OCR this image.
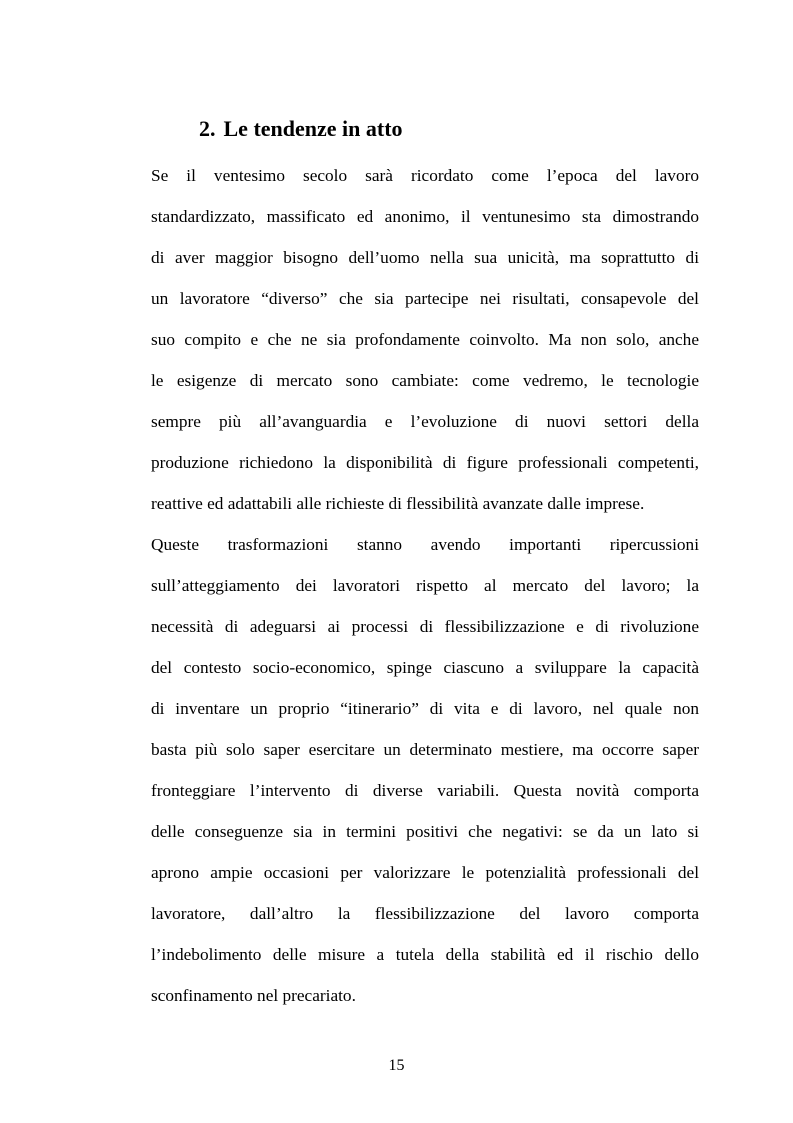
2. Le tendenze in atto
Se il ventesimo secolo sarà ricordato come l’epoca del lavoro
standardizzato, massificato ed anonimo, il ventunesimo sta dimostrando
di aver maggior bisogno dell’uomo nella sua unicità, ma soprattutto di
un lavoratore “diverso” che sia partecipe nei risultati, consapevole del
suo compito e che ne sia profondamente coinvolto. Ma non solo, anche
le esigenze di mercato sono cambiate: come vedremo, le tecnologie
sempre più all’avanguardia e l’evoluzione di nuovi settori della
produzione richiedono la disponibilità di figure professionali competenti,
reattive ed adattabili alle richieste di flessibilità avanzate dalle imprese.
Queste trasformazioni stanno avendo importanti ripercussioni
sull’atteggiamento dei lavoratori rispetto al mercato del lavoro; la
necessità di adeguarsi ai processi di flessibilizzazione e di rivoluzione
del contesto socio-economico, spinge ciascuno a sviluppare la capacità
di inventare un proprio “itinerario” di vita e di lavoro, nel quale non
basta più solo saper esercitare un determinato mestiere, ma occorre saper
fronteggiare l’intervento di diverse variabili. Questa novità comporta
delle conseguenze sia in termini positivi che negativi: se da un lato si
aprono ampie occasioni per valorizzare le potenzialità professionali del
lavoratore, dall’altro la flessibilizzazione del lavoro comporta
l’indebolimento delle misure a tutela della stabilità ed il rischio dello
sconfinamento nel precariato.
15
